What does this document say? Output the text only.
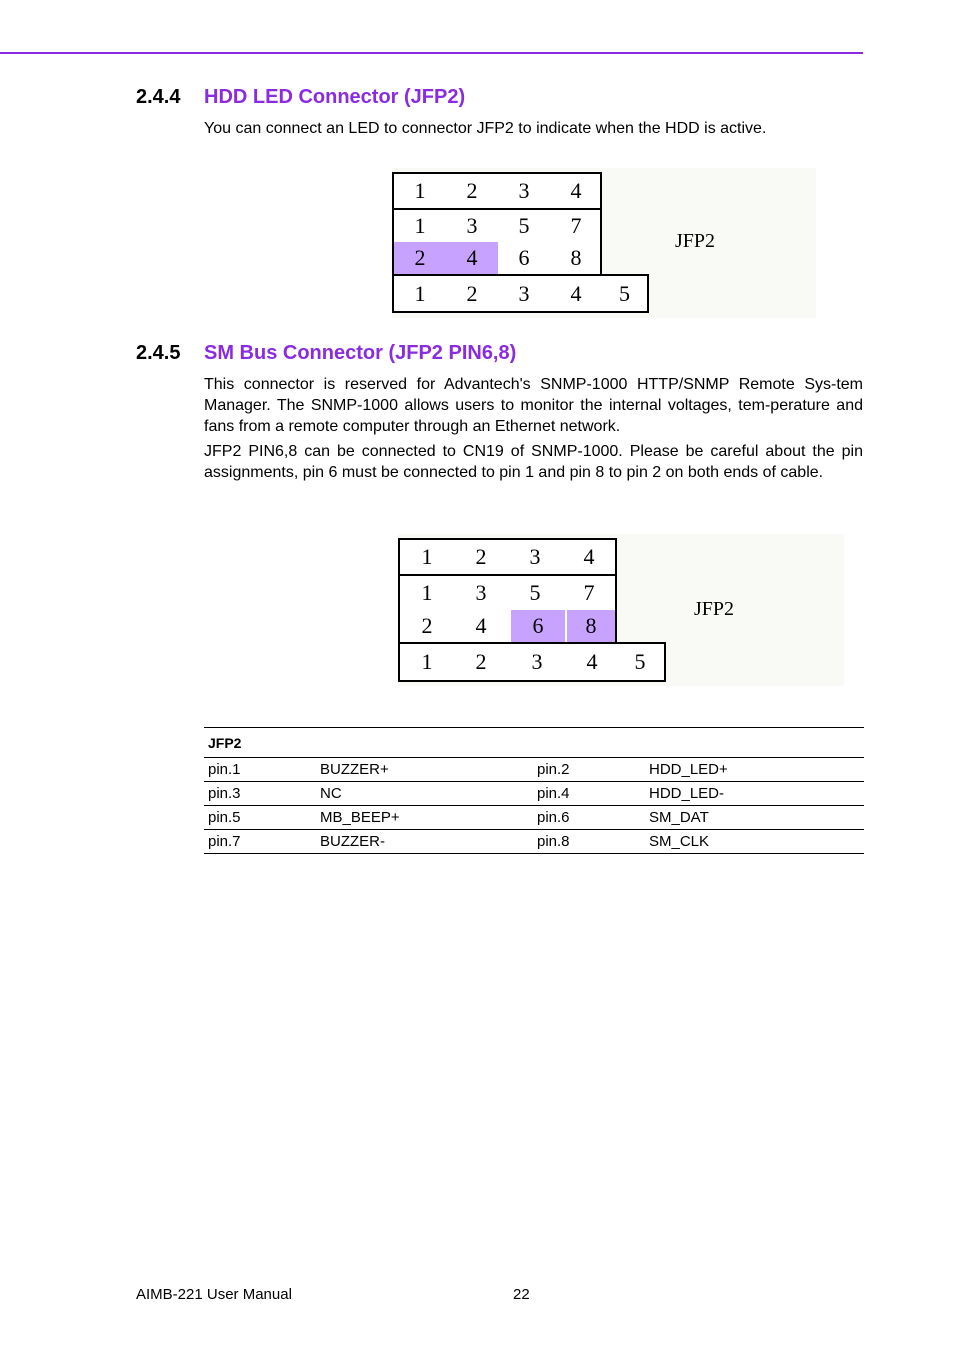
2.4.4 HDD LED Connector (JFP2)
You can connect an LED to connector JFP2 to indicate when the HDD is active.
1	2	3	4
1	3	5	7
2	4	6	8
1	2	3	4	5
JFP2
2.4.5 SM Bus Connector (JFP2 PIN6,8)
This connector is reserved for Advantech's SNMP-1000 HTTP/SNMP Remote Sys-tem Manager. The SNMP-1000 allows users to monitor the internal voltages, tem-perature and fans from a remote computer through an Ethernet network.
JFP2 PIN6,8 can be connected to CN19 of SNMP-1000. Please be careful about the pin assignments, pin 6 must be connected to pin 1 and pin 8 to pin 2 on both ends of cable.
1	2	3	4
1	3	5	7
2	4	6	8
1	2	3	4	5
JFP2
JFP2			
pin.1	BUZZER+	pin.2	HDD_LED+
pin.3	NC	pin.4	HDD_LED-
pin.5	MB_BEEP+	pin.6	SM_DAT
pin.7	BUZZER-	pin.8	SM_CLK
AIMB-221 User Manual	22
